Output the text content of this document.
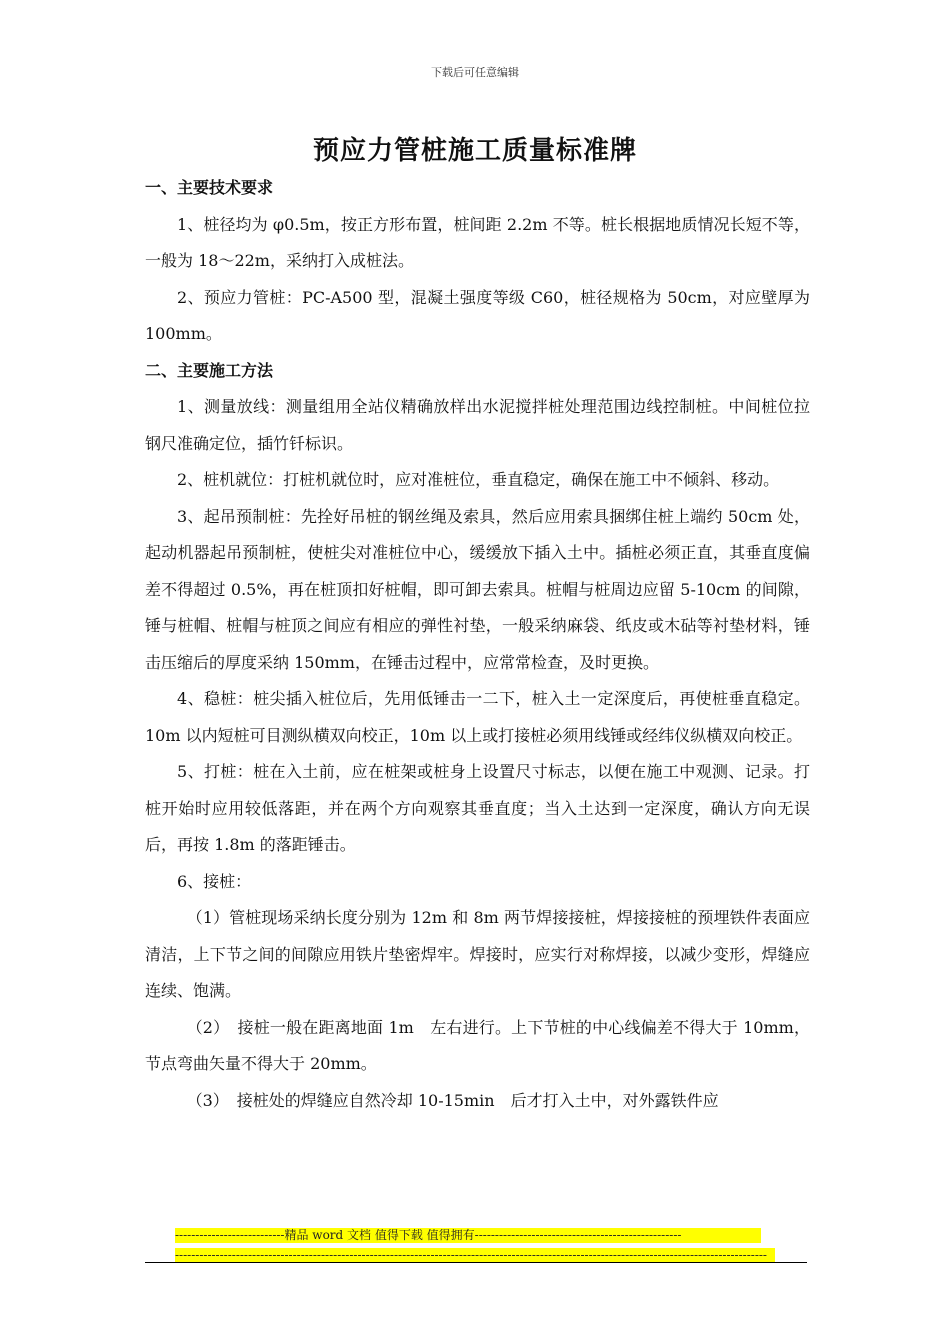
下载后可任意编辑
预应力管桩施工质量标准牌

一、主要技术要求

1、桩径均为 φ0.5m，按正方形布置，桩间距 2.2m 不等。桩长根据地质情况长短不等，一般为 18～22m，采纳打入成桩法。

2、预应力管桩：PC-A500 型，混凝土强度等级 C60，桩径规格为 50cm，对应壁厚为 100mm。

二、主要施工方法

1、测量放线：测量组用全站仪精确放样出水泥搅拌桩处理范围边线控制桩。中间桩位拉钢尺准确定位，插竹钎标识。

2、桩机就位：打桩机就位时，应对准桩位，垂直稳定，确保在施工中不倾斜、移动。

3、起吊预制桩：先拴好吊桩的钢丝绳及索具，然后应用索具捆绑住桩上端约 50cm 处，起动机器起吊预制桩，使桩尖对准桩位中心，缓缓放下插入土中。插桩必须正直，其垂直度偏差不得超过 0.5%，再在桩顶扣好桩帽，即可卸去索具。桩帽与桩周边应留 5-10cm 的间隙，锤与桩帽、桩帽与桩顶之间应有相应的弹性衬垫，一般采纳麻袋、纸皮或木砧等衬垫材料，锤击压缩后的厚度采纳 150mm，在锤击过程中，应常常检查，及时更换。

4、稳桩：桩尖插入桩位后，先用低锤击一二下，桩入土一定深度后，再使桩垂直稳定。10m 以内短桩可目测纵横双向校正，10m 以上或打接桩必须用线锤或经纬仪纵横双向校正。

5、打桩：桩在入土前，应在桩架或桩身上设置尺寸标志，以便在施工中观测、记录。打桩开始时应用较低落距，并在两个方向观察其垂直度；当入土达到一定深度，确认方向无误后，再按 1.8m 的落距锤击。

6、接桩：

（1）管桩现场采纳长度分别为 12m 和 8m 两节焊接接桩，焊接接桩的预埋铁件表面应清洁，上下节之间的间隙应用铁片垫密焊牢。焊接时，应实行对称焊接，以减少变形，焊缝应连续、饱满。

（2）　接桩一般在距离地面 1m　左右进行。上下节桩的中心线偏差不得大于 10mm，节点弯曲矢量不得大于 20mm。

（3）　接桩处的焊缝应自然冷却 10-15min　后才打入土中，对外露铁件应

---------------------------精品 word 文档 值得下载 值得拥有---------------------------------------------------
--------------------------------------------------------------------------------------------------------------------------------------------------
